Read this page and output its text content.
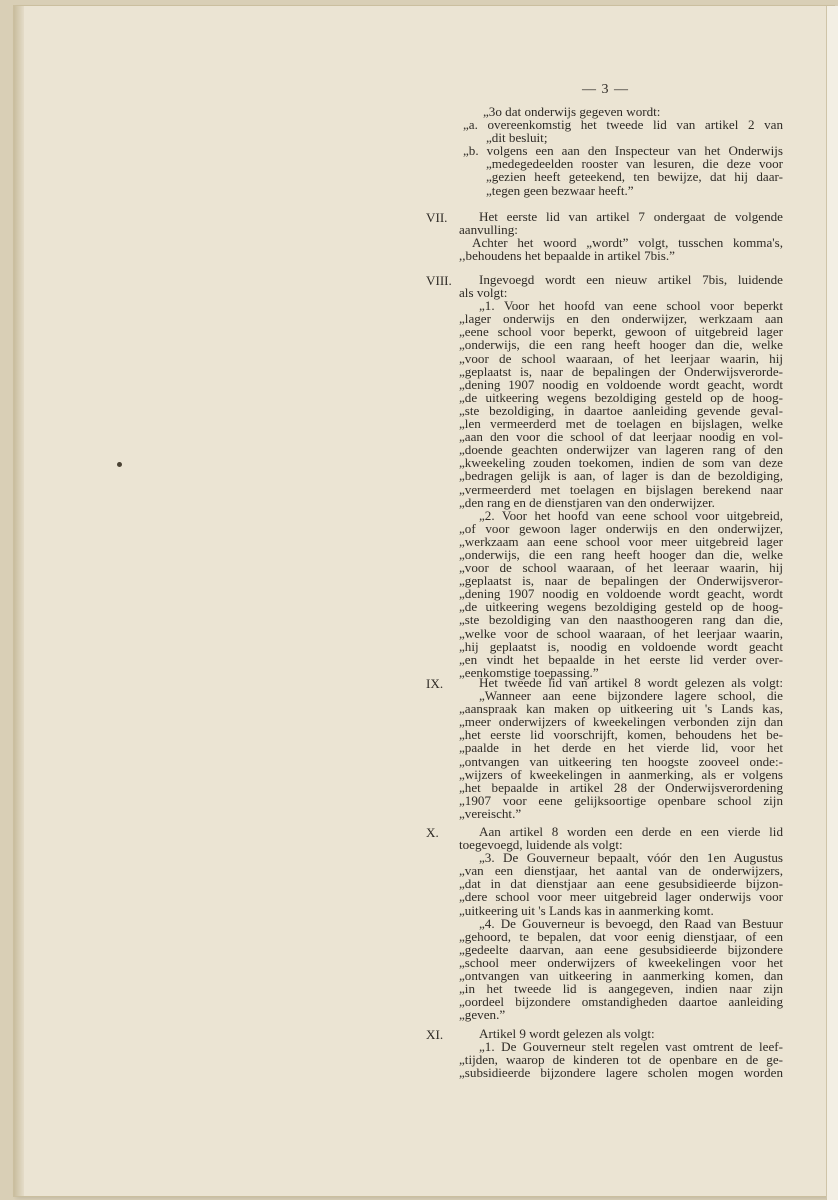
— 3 —
„3o dat onderwijs gegeven wordt:
„a. overeenkomstig het tweede lid van artikel 2 van
„dit besluit;
„b. volgens een aan den Inspecteur van het Onderwijs
„medegedeelden rooster van lesuren, die deze voor
„gezien heeft geteekend, ten bewijze, dat hij daar-
„tegen geen bezwaar heeft.”
VII. Het eerste lid van artikel 7 ondergaat de volgende
aanvulling:
Achter het woord „wordt” volgt, tusschen komma's,
,,behoudens het bepaalde in artikel 7bis.”
VIII. Ingevoegd wordt een nieuw artikel 7bis, luidende
als volgt:
„1. Voor het hoofd van eene school voor beperkt
„lager onderwijs en den onderwijzer, werkzaam aan
„eene school voor beperkt, gewoon of uitgebreid lager
„onderwijs, die een rang heeft hooger dan die, welke
„voor de school waaraan, of het leerjaar waarin, hij
„geplaatst is, naar de bepalingen der Onderwijsverorde-
„dening 1907 noodig en voldoende wordt geacht, wordt
„de uitkeering wegens bezoldiging gesteld op de hoog-
„ste bezoldiging, in daartoe aanleiding gevende geval-
„len vermeerderd met de toelagen en bijslagen, welke
„aan den voor die school of dat leerjaar noodig en vol-
„doende geachten onderwijzer van lageren rang of den
„kweekeling zouden toekomen, indien de som van deze
„bedragen gelijk is aan, of lager is dan de bezoldiging,
„vermeerderd met toelagen en bijslagen berekend naar
„den rang en de dienstjaren van den onderwijzer.
„2. Voor het hoofd van eene school voor uitgebreid,
„of voor gewoon lager onderwijs en den onderwijzer,
„werkzaam aan eene school voor meer uitgebreid lager
„onderwijs, die een rang heeft hooger dan die, welke
„voor de school waaraan, of het leeraar waarin, hij
„geplaatst is, naar de bepalingen der Onderwijsveror-
„dening 1907 noodig en voldoende wordt geacht, wordt
„de uitkeering wegens bezoldiging gesteld op de hoog-
„ste bezoldiging van den naasthoogeren rang dan die,
„welke voor de school waaraan, of het leerjaar waarin,
„hij geplaatst is, noodig en voldoende wordt geacht
„en vindt het bepaalde in het eerste lid verder over-
„eenkomstige toepassing.”
IX.	Het tweede lid van artikel 8 wordt gelezen als volgt:
„Wanneer aan eene bijzondere lagere school, die
„aanspraak kan maken op uitkeering uit 's Lands kas,
„meer onderwijzers of kweekelingen verbonden zijn dan
„het eerste lid voorschrijft, komen, behoudens het be-
„paalde in het derde en het vierde lid, voor het
„ontvangen van uitkeering ten hoogste zooveel onde:-
„wijzers of kweekelingen in aanmerking, als er volgens
„het bepaalde in artikel 28 der Onderwijsverordening
„1907 voor eene gelijksoortige openbare school zijn
„vereischt.”
X.	Aan artikel 8 worden een derde en een vierde lid
toegevoegd, luidende als volgt:
„3. De Gouverneur bepaalt, vóór den 1en Augustus
„van een dienstjaar, het aantal van de onderwijzers,
„dat in dat dienstjaar aan eene gesubsidieerde bijzon-
„dere school voor meer uitgebreid lager onderwijs voor
„uitkeering uit 's Lands kas in aanmerking komt.
„4. De Gouverneur is bevoegd, den Raad van Bestuur
„gehoord, te bepalen, dat voor eenig dienstjaar, of een
„gedeelte daarvan, aan eene gesubsidieerde bijzondere
„school meer onderwijzers of kweekelingen voor het
„ontvangen van uitkeering in aanmerking komen, dan
„in het tweede lid is aangegeven, indien naar zijn
„oordeel bijzondere omstandigheden daartoe aanleiding
„geven.”
XI.	Artikel 9 wordt gelezen als volgt:
„1. De Gouverneur stelt regelen vast omtrent de leef-
„tijden, waarop de kinderen tot de openbare en de ge-
„subsidieerde bijzondere lagere scholen mogen worden
